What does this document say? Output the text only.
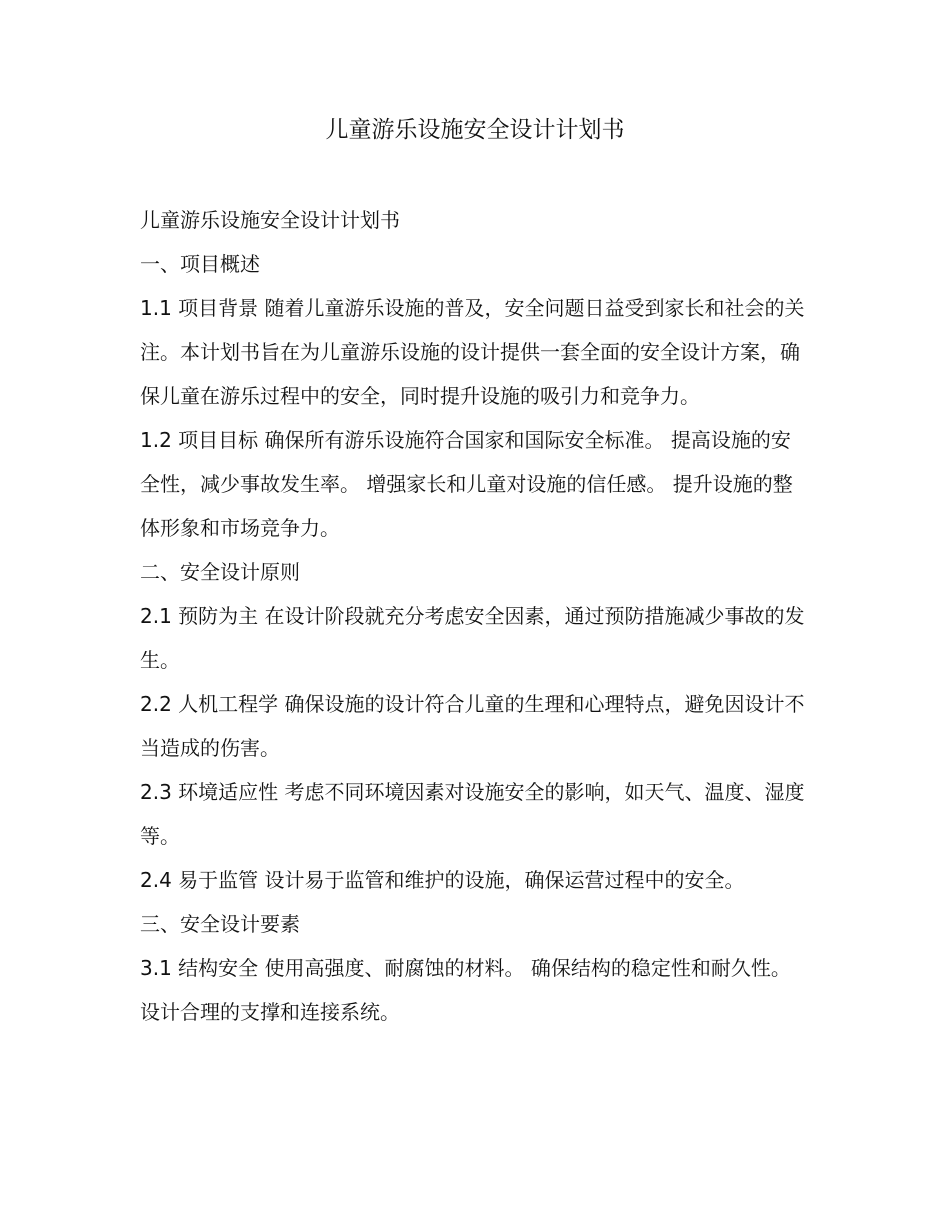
儿童游乐设施安全设计计划书

儿童游乐设施安全设计计划书

一、项目概述

1.1 项目背景 随着儿童游乐设施的普及，安全问题日益受到家长和社会的关注。本计划书旨在为儿童游乐设施的设计提供一套全面的安全设计方案，确保儿童在游乐过程中的安全，同时提升设施的吸引力和竞争力。

1.2 项目目标 确保所有游乐设施符合国家和国际安全标准。 提高设施的安全性，减少事故发生率。 增强家长和儿童对设施的信任感。 提升设施的整体形象和市场竞争力。

二、安全设计原则

2.1 预防为主 在设计阶段就充分考虑安全因素，通过预防措施减少事故的发生。

2.2 人机工程学 确保设施的设计符合儿童的生理和心理特点，避免因设计不当造成的伤害。

2.3 环境适应性 考虑不同环境因素对设施安全的影响，如天气、温度、湿度等。

2.4 易于监管 设计易于监管和维护的设施，确保运营过程中的安全。

三、安全设计要素

3.1 结构安全 使用高强度、耐腐蚀的材料。 确保结构的稳定性和耐久性。 设计合理的支撑和连接系统。
